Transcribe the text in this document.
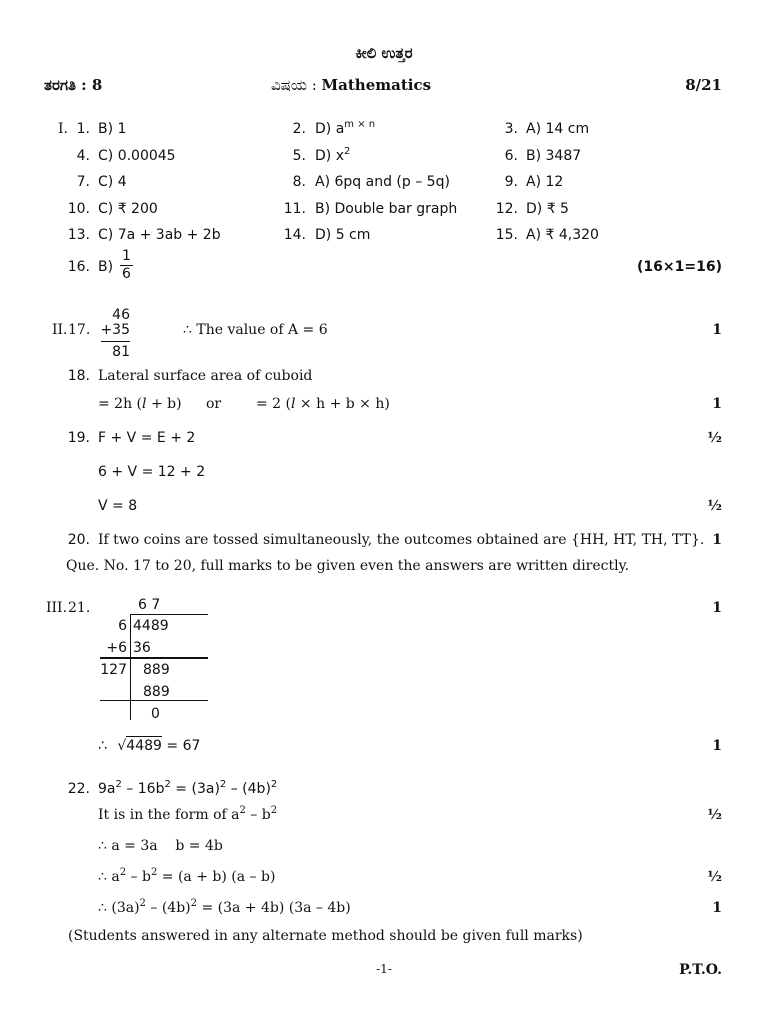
ಕೀಲಿ ಉತ್ತರ
ತರಗತಿ : 8	ವಿಷಯ : Mathematics	8/21
I. 1. B) 1	2. D) $a^{m \times n}$	3. A) 14 cm
4. C) 0.00045	5. D) $x^2$	6. B) 3487
7. C) 4	8. A) 6pq and (p – 5q)	9. A) 12
10. C) ₹ 200	11. B) Double bar graph	12. D) ₹ 5
13. C) 7a + 3ab + 2b	14. D) 5 cm	15. A) ₹ 4,320
16. $B) \frac{1}{6}$	(16×1=16)
II. 17.
46
+35
81
∴ The value of A = 6	1
18. Lateral surface area of cuboid
= 2h (l + b) or = 2 (l × h + b × h)	1
19. F + V = E + 2	½
6 + V = 12 + 2
V = 8	½
20. If two coins are tossed simultaneously, the outcomes obtained are {HH, HT, TH, TT}. 1
Que. No. 17 to 20, full marks to be given even the answers are written directly.
III. 21.	1
6 7
6 4489
+6 36
127 889
889
0
∴ √4489 = 67	1
22. $9a^2 - 16b^2 = (3a)^2 - (4b)^2$
It is in the form of $a^2 - b^2$	½
∴ a = 3a    b = 4b
∴ $a^2 - b^2 = (a + b)$ (a – b)	½
∴ $(3a)^2 - (4b)^2 = (3a + 4b)$ (3a – 4b)	1
(Students answered in any alternate method should be given full marks)
-1-	P.T.O.
